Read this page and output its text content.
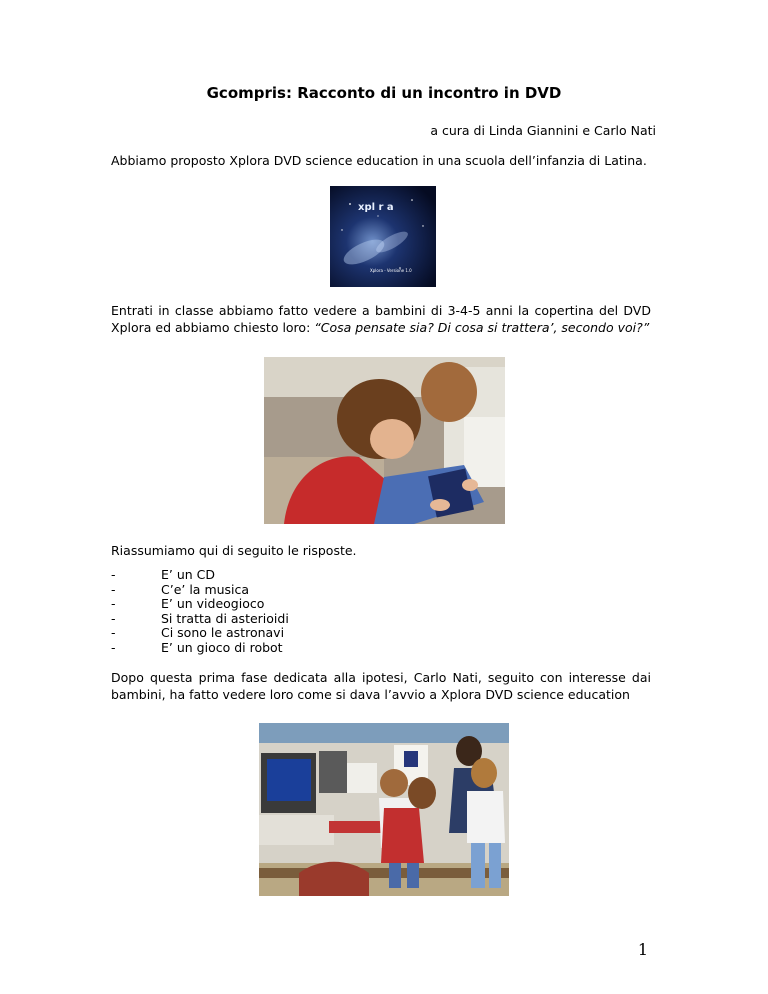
Gcompris: Racconto di un incontro in DVD
a cura di Linda Giannini e Carlo Nati
Abbiamo proposto Xplora DVD science education in una scuola dell’infanzia di Latina.
xpl r a
Xplora - Versione 1.0
Entrati in classe abbiamo fatto vedere a bambini di 3-4-5 anni la copertina del DVD Xplora ed abbiamo chiesto loro: “Cosa pensate sia? Di cosa si trattera’, secondo voi?”
Riassumiamo qui di seguito le risposte.
-	E’ un CD
-	C’e’ la musica
-	E’ un videogioco
-	Si tratta di asterioidi
-	Ci sono le astronavi
-	E’ un gioco di robot
Dopo questa prima fase dedicata alla ipotesi, Carlo Nati, seguito con interesse dai bambini, ha fatto vedere loro come si dava l’avvio a Xplora DVD science education
1
